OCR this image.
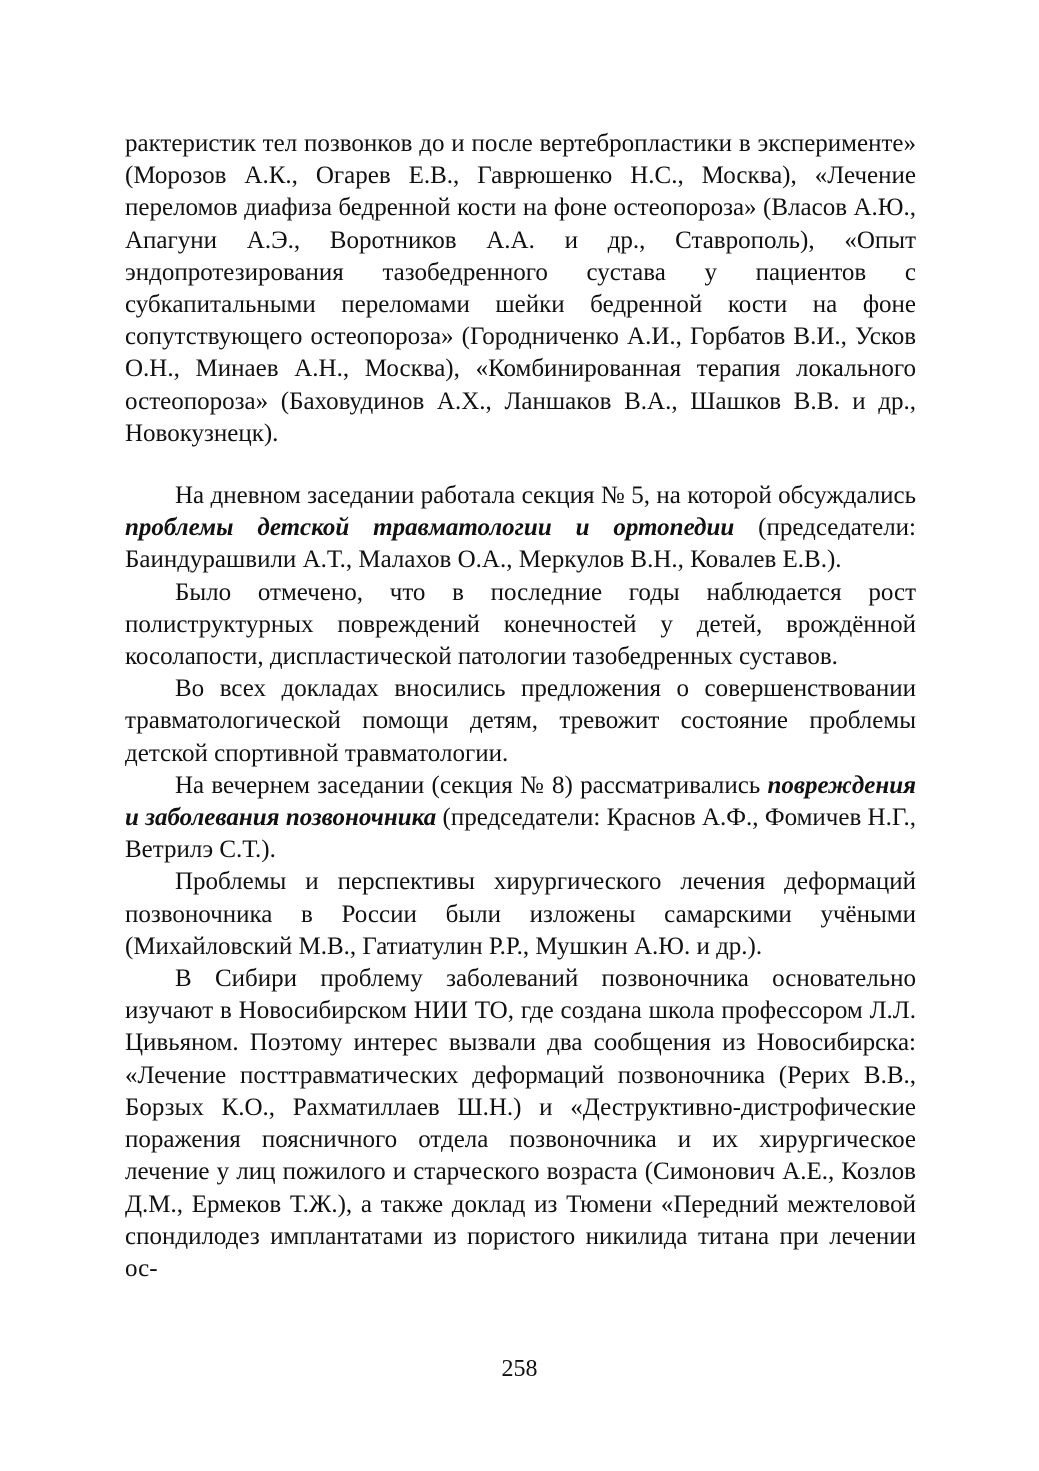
рактеристик тел позвонков до и после вертебропластики в эксперименте» (Морозов А.К., Огарев Е.В., Гаврюшенко Н.С., Москва), «Лечение переломов диафиза бедренной кости на фоне остеопороза» (Власов А.Ю., Апагуни А.Э., Воротников А.А. и др., Ставрополь), «Опыт эндопротезирования тазобедренного сустава у пациентов с субкапитальными переломами шейки бедренной кости на фоне сопутствующего остеопороза» (Городниченко А.И., Горбатов В.И., Усков О.Н., Минаев А.Н., Москва), «Комбинированная терапия локального остеопороза» (Баховудинов А.Х., Ланшаков В.А., Шашков В.В. и др., Новокузнецк).

На дневном заседании работала секция № 5, на которой обсуждались проблемы детской травматологии и ортопедии (председатели: Баиндурашвили А.Т., Малахов О.А., Меркулов В.Н., Ковалев Е.В.).

Было отмечено, что в последние годы наблюдается рост полиструктурных повреждений конечностей у детей, врождённой косолапости, диспластической патологии тазобедренных суставов.

Во всех докладах вносились предложения о совершенствовании травматологической помощи детям, тревожит состояние проблемы детской спортивной травматологии.

На вечернем заседании (секция № 8) рассматривались повреждения и заболевания позвоночника (председатели: Краснов А.Ф., Фомичев Н.Г., Ветрилэ С.Т.).

Проблемы и перспективы хирургического лечения деформаций позвоночника в России были изложены самарскими учёными (Михайловский М.В., Гатиатулин Р.Р., Мушкин А.Ю. и др.).

В Сибири проблему заболеваний позвоночника основательно изучают в Новосибирском НИИ ТО, где создана школа профессором Л.Л. Цивьяном. Поэтому интерес вызвали два сообщения из Новосибирска: «Лечение посттравматических деформаций позвоночника (Рерих В.В., Борзых К.О., Рахматиллаев Ш.Н.) и «Деструктивно-дистрофические поражения поясничного отдела позвоночника и их хирургическое лечение у лиц пожилого и старческого возраста (Симонович А.Е., Козлов Д.М., Ермеков Т.Ж.), а также доклад из Тюмени «Передний межтеловой спондилодез имплантатами из пористого никилида титана при лечении ос-

258
